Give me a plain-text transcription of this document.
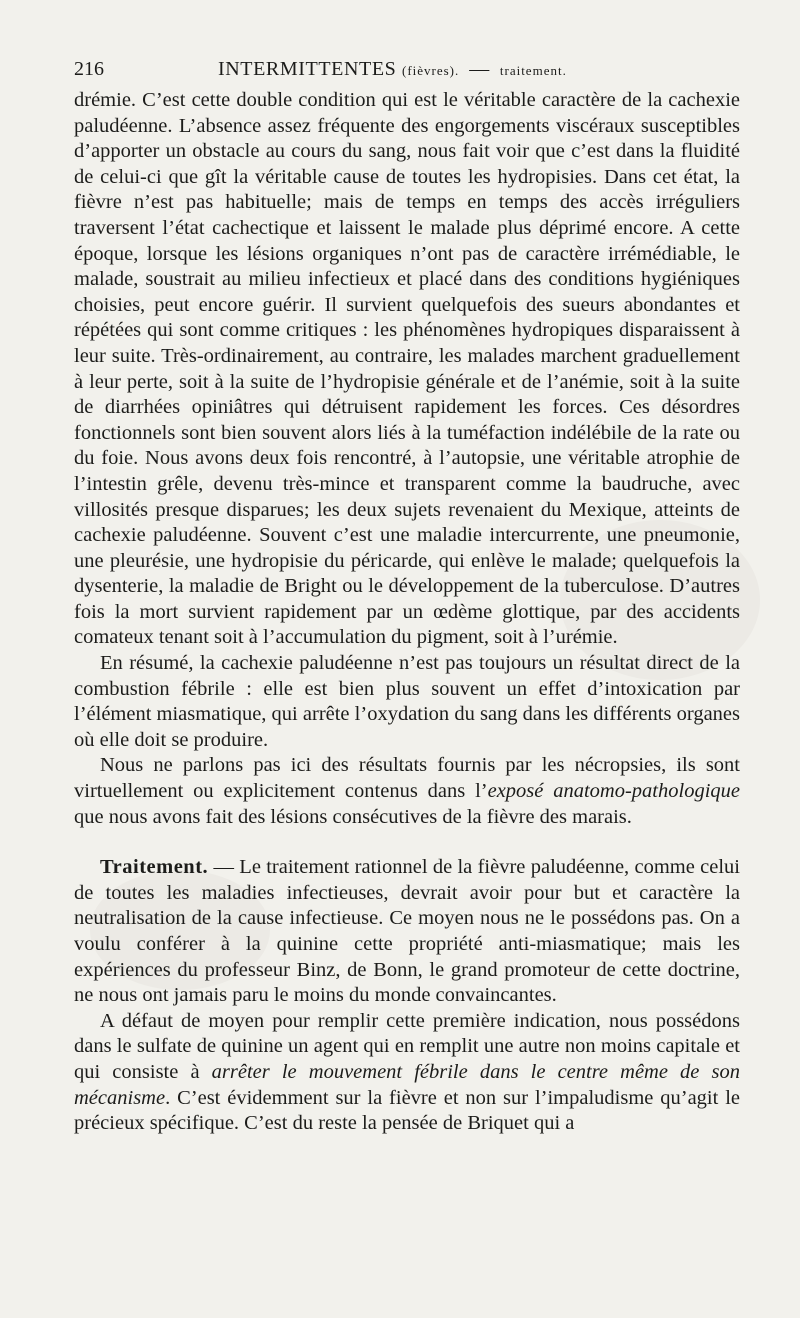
216	INTERMITTENTES (fièvres). — traitement.

drémie. C’est cette double condition qui est le véritable caractère de la cachexie paludéenne. L’absence assez fréquente des engorgements viscéraux susceptibles d’apporter un obstacle au cours du sang, nous fait voir que c’est dans la fluidité de celui-ci que gît la véritable cause de toutes les hydropisies. Dans cet état, la fièvre n’est pas habituelle; mais de temps en temps des accès irréguliers traversent l’état cachectique et laissent le malade plus déprimé encore. A cette époque, lorsque les lésions organiques n’ont pas de caractère irrémédiable, le malade, soustrait au milieu infectieux et placé dans des conditions hygiéniques choisies, peut encore guérir. Il survient quelquefois des sueurs abondantes et répétées qui sont comme critiques : les phénomènes hydropiques disparaissent à leur suite. Très-ordinairement, au contraire, les malades marchent graduellement à leur perte, soit à la suite de l’hydropisie générale et de l’anémie, soit à la suite de diarrhées opiniâtres qui détruisent rapidement les forces. Ces désordres fonctionnels sont bien souvent alors liés à la tuméfaction indélébile de la rate ou du foie. Nous avons deux fois rencontré, à l’autopsie, une véritable atrophie de l’intestin grêle, devenu très-mince et transparent comme la baudruche, avec villosités presque disparues; les deux sujets revenaient du Mexique, atteints de cachexie paludéenne. Souvent c’est une maladie intercurrente, une pneumonie, une pleurésie, une hydropisie du péricarde, qui enlève le malade; quelquefois la dysenterie, la maladie de Bright ou le développement de la tuberculose. D’autres fois la mort survient rapidement par un œdème glottique, par des accidents comateux tenant soit à l’accumulation du pigment, soit à l’urémie.

En résumé, la cachexie paludéenne n’est pas toujours un résultat direct de la combustion fébrile : elle est bien plus souvent un effet d’intoxication par l’élément miasmatique, qui arrête l’oxydation du sang dans les différents organes où elle doit se produire.

Nous ne parlons pas ici des résultats fournis par les nécropsies, ils sont virtuellement ou explicitement contenus dans l’exposé anatomo-pathologique que nous avons fait des lésions consécutives de la fièvre des marais.

Traitement. — Le traitement rationnel de la fièvre paludéenne, comme celui de toutes les maladies infectieuses, devrait avoir pour but et caractère la neutralisation de la cause infectieuse. Ce moyen nous ne le possédons pas. On a voulu conférer à la quinine cette propriété anti-miasmatique; mais les expériences du professeur Binz, de Bonn, le grand promoteur de cette doctrine, ne nous ont jamais paru le moins du monde convaincantes.

A défaut de moyen pour remplir cette première indication, nous possédons dans le sulfate de quinine un agent qui en remplit une autre non moins capitale et qui consiste à arrêter le mouvement fébrile dans le centre même de son mécanisme. C’est évidemment sur la fièvre et non sur l’impaludisme qu’agit le précieux spécifique. C’est du reste la pensée de Briquet qui a
